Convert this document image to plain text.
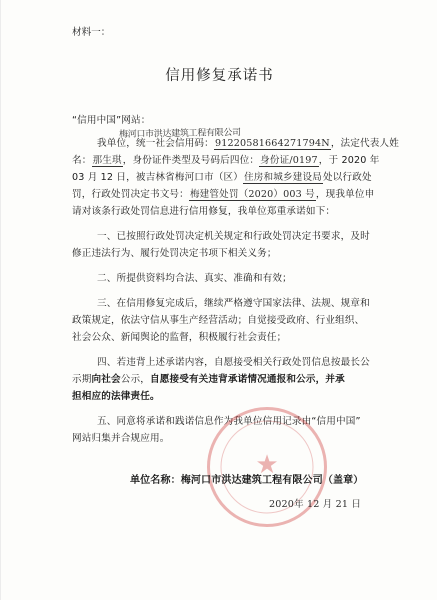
材料一：
信用修复承诺书
“信用中国”网站：
梅河口市洪达建筑工程有限公司
我单位，统一社会信用码：91220581664271794N，法定代表人姓
名：那生琪，身份证件类型及号码后四位：身份证/0197，于 2020 年
03 月 12 日，被吉林省梅河口市（区）住房和城乡建设局处以行政处
罚，行政处罚决定书文号：梅建管处罚（2020）003 号，现我单位申
请对该条行政处罚信息进行信用修复，我单位郑重承诺如下：
一、已按照行政处罚决定机关规定和行政处罚决定书要求，及时
修正违法行为、履行处罚决定书项下相关义务；
二、所提供资料均合法、真实、准确和有效；
三、在信用修复完成后，继续严格遵守国家法律、法规、规章和
政策规定，依法守信从事生产经营活动；自觉接受政府、行业组织、
社会公众、新闻舆论的监督，积极履行社会责任；
四、若违背上述承诺内容，自愿接受相关行政处罚信息按最长公
示期向社会公示，自愿接受有关违背承诺情况通报和公示，并承
担相应的法律责任。
五、同意将承诺和践诺信息作为我单位信用记录由“信用中国”
网站归集并合规应用。
★
单位名称：梅河口市洪达建筑工程有限公司（盖章）
2020年 12 月 21 日
